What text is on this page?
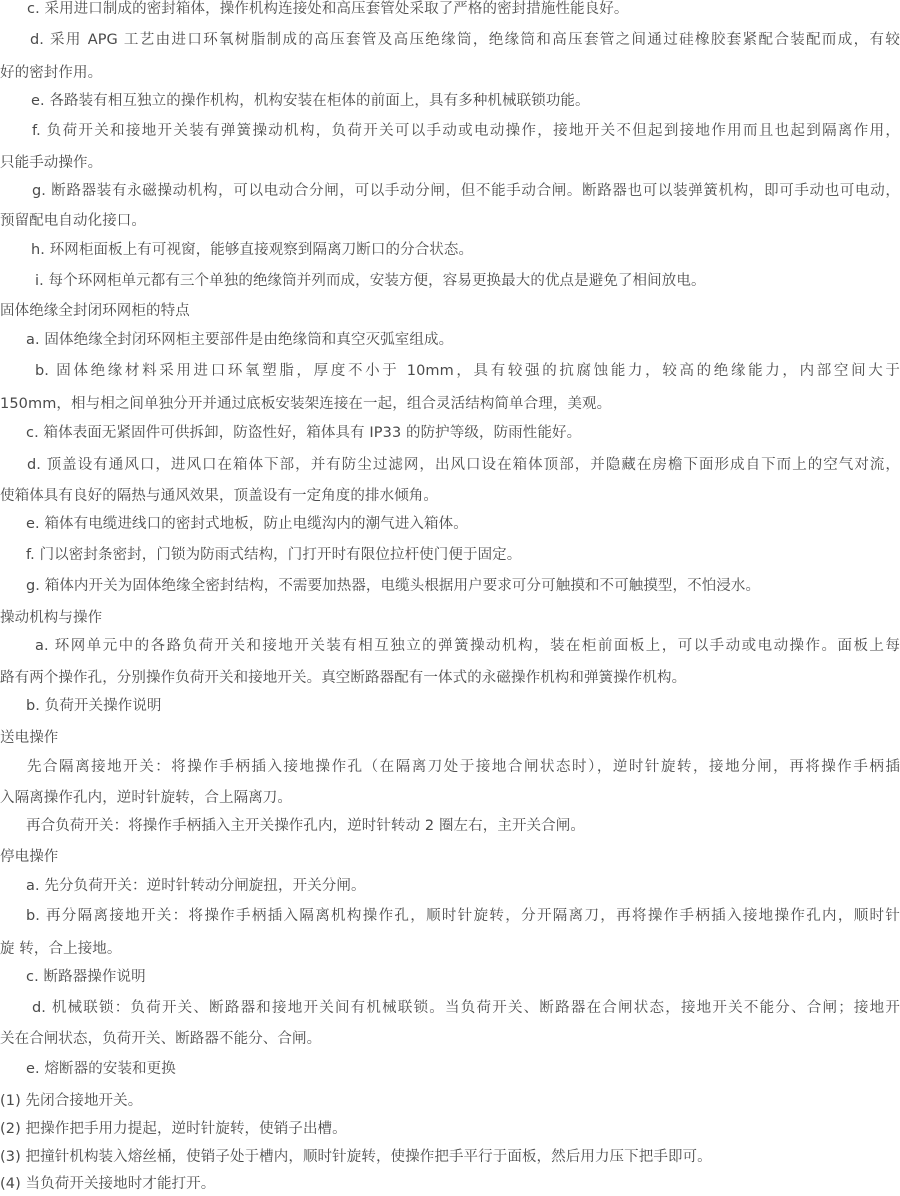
c. 采用进口制成的密封箱体，操作机构连接处和高压套管处采取了严格的密封措施性能良好。
d. 采用 APG 工艺由进口环氧树脂制成的高压套管及高压绝缘筒，绝缘筒和高压套管之间通过硅橡胶套紧配合装配而成，有较
好的密封作用。
e. 各路装有相互独立的操作机构，机构安装在柜体的前面上，具有多种机械联锁功能。
f. 负荷开关和接地开关装有弹簧操动机构，负荷开关可以手动或电动操作，接地开关不但起到接地作用而且也起到隔离作用，
只能手动操作。
g. 断路器装有永磁操动机构，可以电动合分闸，可以手动分闸，但不能手动合闸。断路器也可以装弹簧机构，即可手动也可电动，
预留配电自动化接口。
h. 环网柜面板上有可视窗，能够直接观察到隔离刀断口的分合状态。
i. 每个环网柜单元都有三个单独的绝缘筒并列而成，安装方便，容易更换最大的优点是避免了相间放电。
固体绝缘全封闭环网柜的特点
a. 固体绝缘全封闭环网柜主要部件是由绝缘筒和真空灭弧室组成。
b. 固体绝缘材料采用进口环氧塑脂，厚度不小于 10mm，具有较强的抗腐蚀能力，较高的绝缘能力，内部空间大于
150mm，相与相之间单独分开并通过底板安装架连接在一起，组合灵活结构简单合理，美观。
c. 箱体表面无紧固件可供拆卸，防盗性好，箱体具有 IP33 的防护等级，防雨性能好。
d. 顶盖设有通风口，进风口在箱体下部，并有防尘过滤网，出风口设在箱体顶部，并隐藏在房檐下面形成自下而上的空气对流，
使箱体具有良好的隔热与通风效果，顶盖设有一定角度的排水倾角。
e. 箱体有电缆进线口的密封式地板，防止电缆沟内的潮气进入箱体。
f. 门以密封条密封，门锁为防雨式结构，门打开时有限位拉杆使门便于固定。
g. 箱体内开关为固体绝缘全密封结构，不需要加热器，电缆头根据用户要求可分可触摸和不可触摸型，不怕浸水。
操动机构与操作
a. 环网单元中的各路负荷开关和接地开关装有相互独立的弹簧操动机构，装在柜前面板上，可以手动或电动操作。面板上每
路有两个操作孔，分别操作负荷开关和接地开关。真空断路器配有一体式的永磁操作机构和弹簧操作机构。
b. 负荷开关操作说明
送电操作
先合隔离接地开关：将操作手柄插入接地操作孔（在隔离刀处于接地合闸状态时），逆时针旋转，接地分闸，再将操作手柄插
入隔离操作孔内，逆时针旋转，合上隔离刀。
再合负荷开关：将操作手柄插入主开关操作孔内，逆时针转动 2 圈左右，主开关合闸。
停电操作
a. 先分负荷开关：逆时针转动分闸旋扭，开关分闸。
b. 再分隔离接地开关：将操作手柄插入隔离机构操作孔，顺时针旋转，分开隔离刀，再将操作手柄插入接地操作孔内，顺时针
旋 转，合上接地。
c. 断路器操作说明
d. 机械联锁：负荷开关、断路器和接地开关间有机械联锁。当负荷开关、断路器在合闸状态，接地开关不能分、合闸；接地开
关在合闸状态，负荷开关、断路器不能分、合闸。
e. 熔断器的安装和更换
(1) 先闭合接地开关。
(2) 把操作把手用力提起，逆时针旋转，使销子出槽。
(3) 把撞针机构装入熔丝桶，使销子处于槽内，顺时针旋转，使操作把手平行于面板，然后用力压下把手即可。
(4) 当负荷开关接地时才能打开。
